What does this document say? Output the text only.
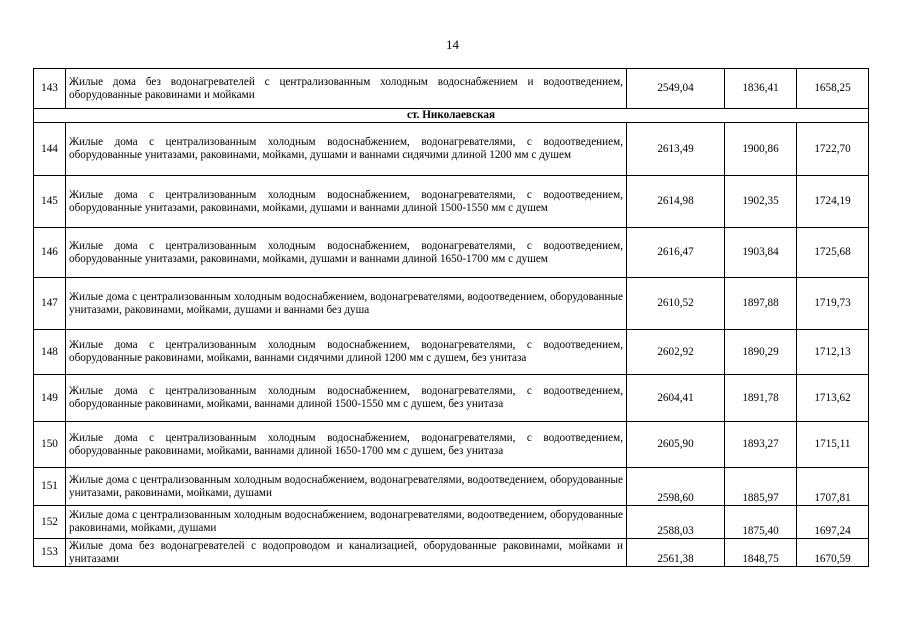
14
143	Жилые дома без водонагревателей с централизованным холодным водоснабжением и водоотведением, оборудованные раковинами и мойками	2549,04	1836,41	1658,25
ст. Николаевская				
144	Жилые дома с централизованным холодным водоснабжением, водонагревателями, с водоотведением, оборудованные унитазами, раковинами, мойками, душами и ваннами сидячими длиной 1200 мм с душем	2613,49	1900,86	1722,70
145	Жилые дома с централизованным холодным водоснабжением, водонагревателями, с водоотведением, оборудованные унитазами, раковинами, мойками, душами и ваннами длиной 1500-1550 мм с душем	2614,98	1902,35	1724,19
146	Жилые дома с централизованным холодным водоснабжением, водонагревателями, с водоотведением, оборудованные унитазами, раковинами, мойками, душами и ваннами длиной 1650-1700 мм с душем	2616,47	1903,84	1725,68
147	Жилые дома с централизованным холодным водоснабжением, водонагревателями, водоотведением, оборудованные унитазами, раковинами, мойками, душами и ваннами без душа	2610,52	1897,88	1719,73
148	Жилые дома с централизованным холодным водоснабжением, водонагревателями, с водоотведением, оборудованные раковинами, мойками, ваннами сидячими длиной 1200 мм с душем, без унитаза	2602,92	1890,29	1712,13
149	Жилые дома с централизованным холодным водоснабжением, водонагревателями, с водоотведением, оборудованные раковинами, мойками, ваннами длиной 1500-1550 мм с душем, без унитаза	2604,41	1891,78	1713,62
150	Жилые дома с централизованным холодным водоснабжением, водонагревателями, с водоотведением, оборудованные раковинами, мойками, ваннами длиной 1650-1700 мм с душем, без унитаза	2605,90	1893,27	1715,11
151	Жилые дома с централизованным холодным водоснабжением, водонагревателями, водоотведением, оборудованные унитазами, раковинами, мойками, душами	2598,60	1885,97	1707,81
152	Жилые дома с централизованным холодным водоснабжением, водонагревателями, водоотведением, оборудованные раковинами, мойками, душами	2588,03	1875,40	1697,24
153	Жилые дома без водонагревателей с водопроводом и канализацией, оборудованные раковинами, мойками и унитазами	2561,38	1848,75	1670,59
